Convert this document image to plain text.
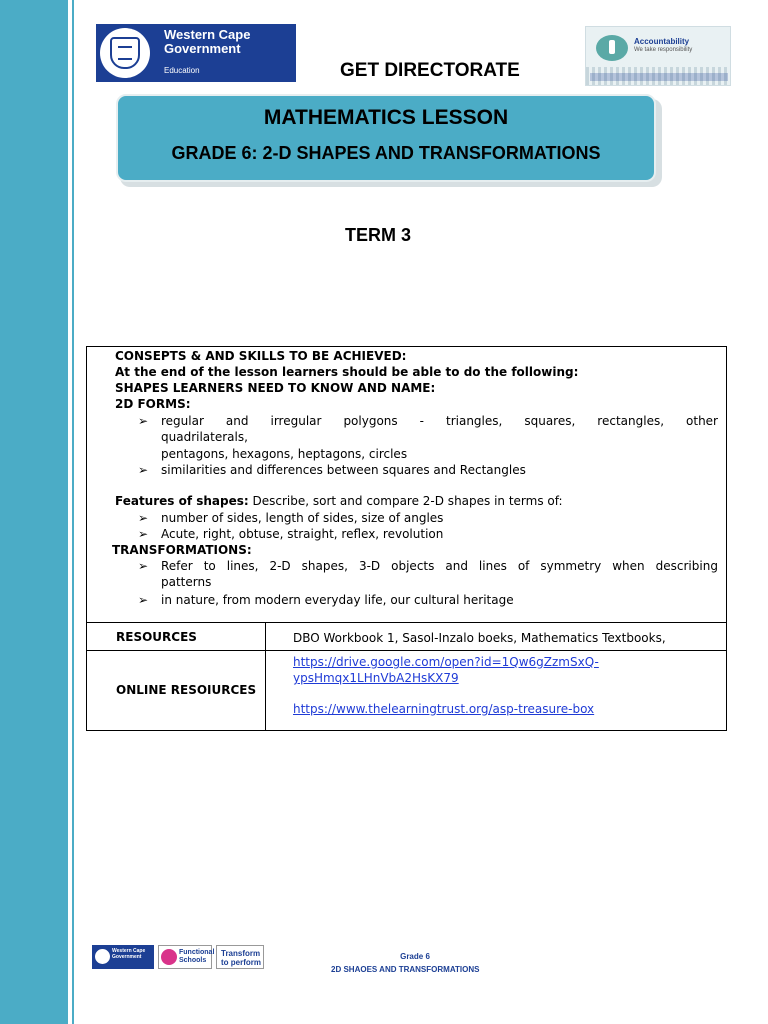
Western Cape
Government
Education	GET DIRECTORATE
Accountability
We take responsibility
MATHEMATICS LESSON
GRADE 6: 2-D SHAPES AND TRANSFORMATIONS
TERM 3
CONSEPTS & AND SKILLS TO BE ACHIEVED:
At the end of the lesson learners should be able to do the following:
SHAPES LEARNERS NEED TO KNOW AND NAME:
2D FORMS:
➢ regular and irregular polygons - triangles, squares, rectangles, other
quadrilaterals,
pentagons, hexagons, heptagons, circles
➢ similarities and differences between squares and Rectangles
Features of shapes: Describe, sort and compare 2-D shapes in terms of:
➢ number of sides, length of sides, size of angles
➢ Acute, right, obtuse, straight, reflex, revolution
TRANSFORMATIONS:
➢ Refer to lines, 2-D shapes, 3-D objects and lines of symmetry when describing
patterns
➢ in nature, from modern everyday life, our cultural heritage
RESOURCES	DBO Workbook 1, Sasol-Inzalo boeks, Mathematics Textbooks,
ONLINE RESOIURCES
https://drive.google.com/open?id=1Qw6gZzmSxQ-
ypsHmqx1LHnVbA2HsKX79
https://www.thelearningtrust.org/asp-treasure-box
Western Cape Government
Functional Schools
Transform to perform
Grade 6
2D SHAOES AND TRANSFORMATIONS
